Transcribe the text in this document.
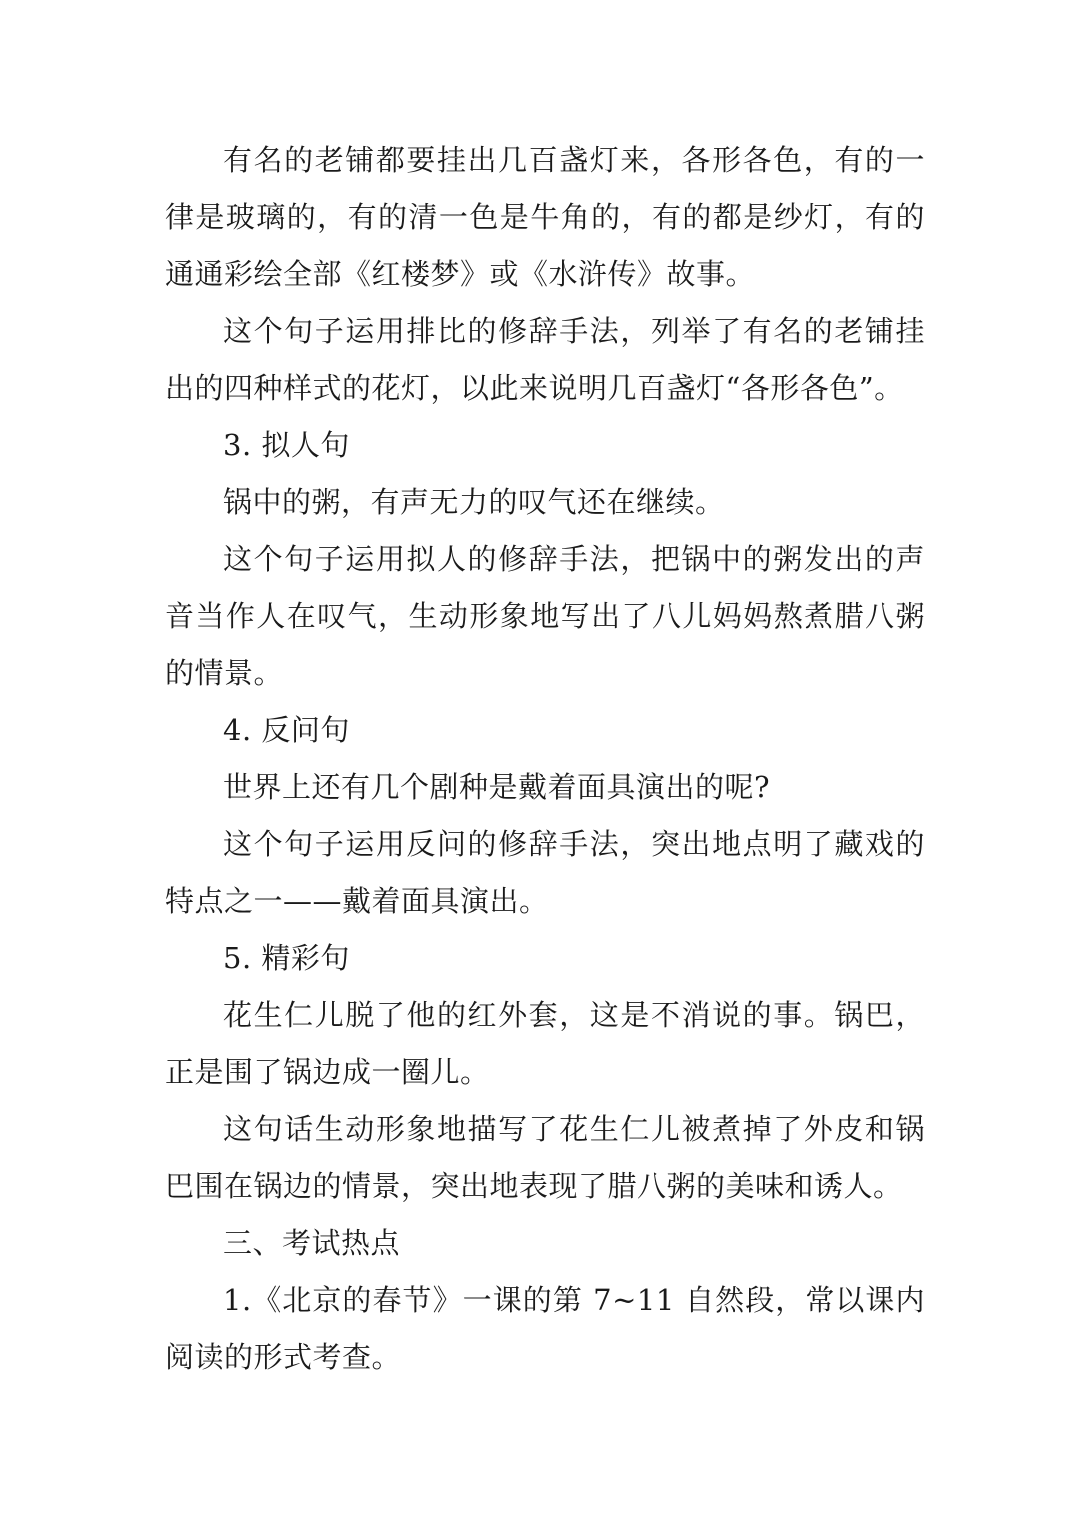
有名的老铺都要挂出几百盏灯来，各形各色，有的一律是玻璃的，有的清一色是牛角的，有的都是纱灯，有的通通彩绘全部《红楼梦》或《水浒传》故事。

这个句子运用排比的修辞手法，列举了有名的老铺挂出的四种样式的花灯，以此来说明几百盏灯“各形各色”。

3. 拟人句

锅中的粥，有声无力的叹气还在继续。

这个句子运用拟人的修辞手法，把锅中的粥发出的声音当作人在叹气，生动形象地写出了八儿妈妈熬煮腊八粥的情景。

4. 反问句

世界上还有几个剧种是戴着面具演出的呢?

这个句子运用反问的修辞手法，突出地点明了藏戏的特点之一——戴着面具演出。

5. 精彩句

花生仁儿脱了他的红外套，这是不消说的事。锅巴，正是围了锅边成一圈儿。

这句话生动形象地描写了花生仁儿被煮掉了外皮和锅巴围在锅边的情景，突出地表现了腊八粥的美味和诱人。

三、考试热点

1.《北京的春节》一课的第 7~11 自然段，常以课内阅读的形式考查。
